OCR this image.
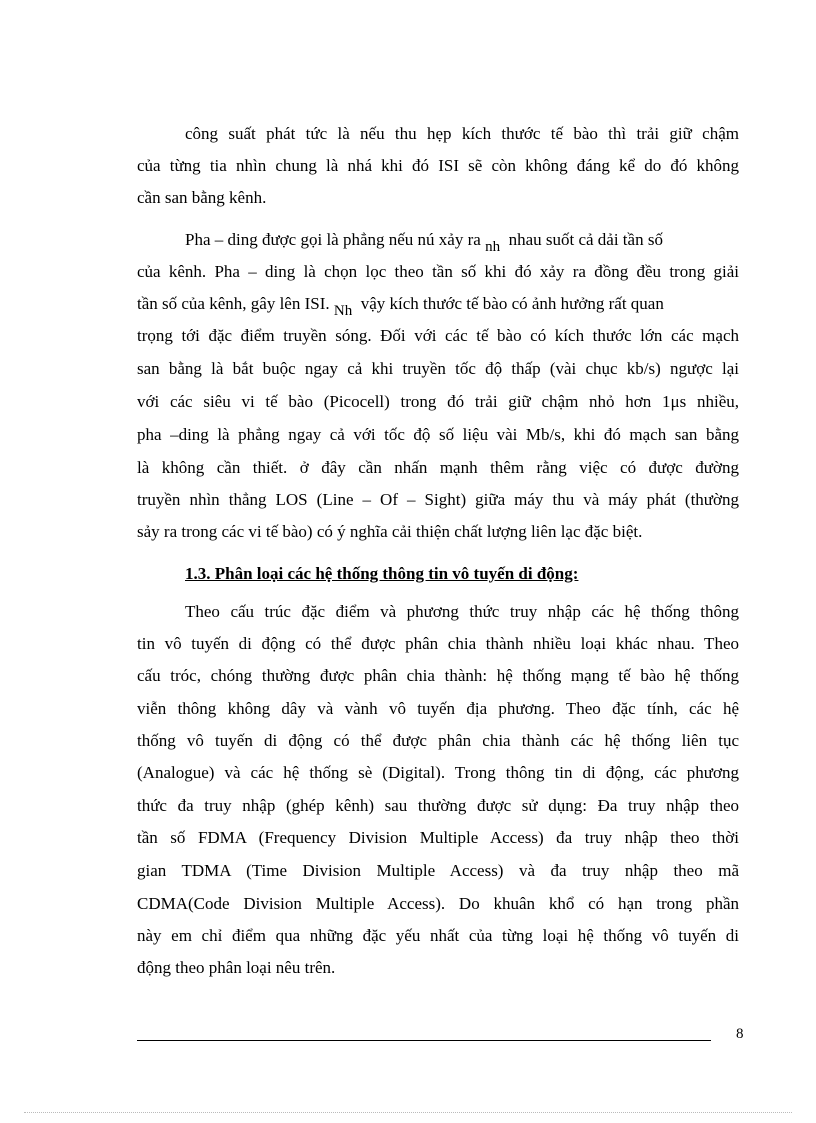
công suất phát tức là nếu thu hẹp kích thước tế bào thì trải giữ chậm
của từng tia nhìn chung là nhá khi đó ISI sẽ còn không đáng kể do đó không
cần san bằng kênh.
Pha – ding được gọi là phẳng nếu nú xảy ra nh nhau suốt cả dải tần số
của kênh. Pha – ding là chọn lọc theo tần số khi đó xảy ra đồng đều trong giải
tần số của kênh, gây lên ISI. Nh vậy kích thước tế bào có ảnh hưởng rất quan
trọng tới đặc điểm truyền sóng. Đối với các tế bào có kích thước lớn các mạch
san bằng là bắt buộc ngay cả khi truyền tốc độ thấp (vài chục kb/s) ngược lại
với các siêu vi tế bào (Picocell) trong đó trải giữ chậm nhỏ hơn 1μs nhiều,
pha –ding là phẳng ngay cả với tốc độ số liệu vài Mb/s, khi đó mạch san bằng
là không cần thiết. ở đây cần nhấn mạnh thêm rằng việc có được đường
truyền nhìn thẳng LOS (Line – Of – Sight) giữa máy thu và máy phát (thường
sảy ra trong các vi tế bào) có ý nghĩa cải thiện chất lượng liên lạc đặc biệt.
1.3. Phân loại các hệ thống thông tin vô tuyến di động:
Theo cấu trúc đặc điểm và phương thức truy nhập các hệ thống thông
tin vô tuyến di động có thể được phân chia thành nhiều loại khác nhau. Theo
cấu tróc, chóng thường được phân chia thành: hệ thống mạng tế bào hệ thống
viễn thông không dây và vành vô tuyến địa phương. Theo đặc tính, các hệ
thống vô tuyến di động có thể được phân chia thành các hệ thống liên tục
(Analogue) và các hệ thống sè (Digital). Trong thông tin di động, các phương
thức đa truy nhập (ghép kênh) sau thường được sử dụng: Đa truy nhập theo
tần số FDMA (Frequency Division Multiple Access) đa truy nhập theo thời
gian TDMA (Time Division Multiple Access) và đa truy nhập theo mã
CDMA(Code Division Multiple Access). Do khuân khổ có hạn trong phần
này em chỉ điểm qua những đặc yếu nhất của từng loại hệ thống vô tuyến di
động theo phân loại nêu trên.
8
